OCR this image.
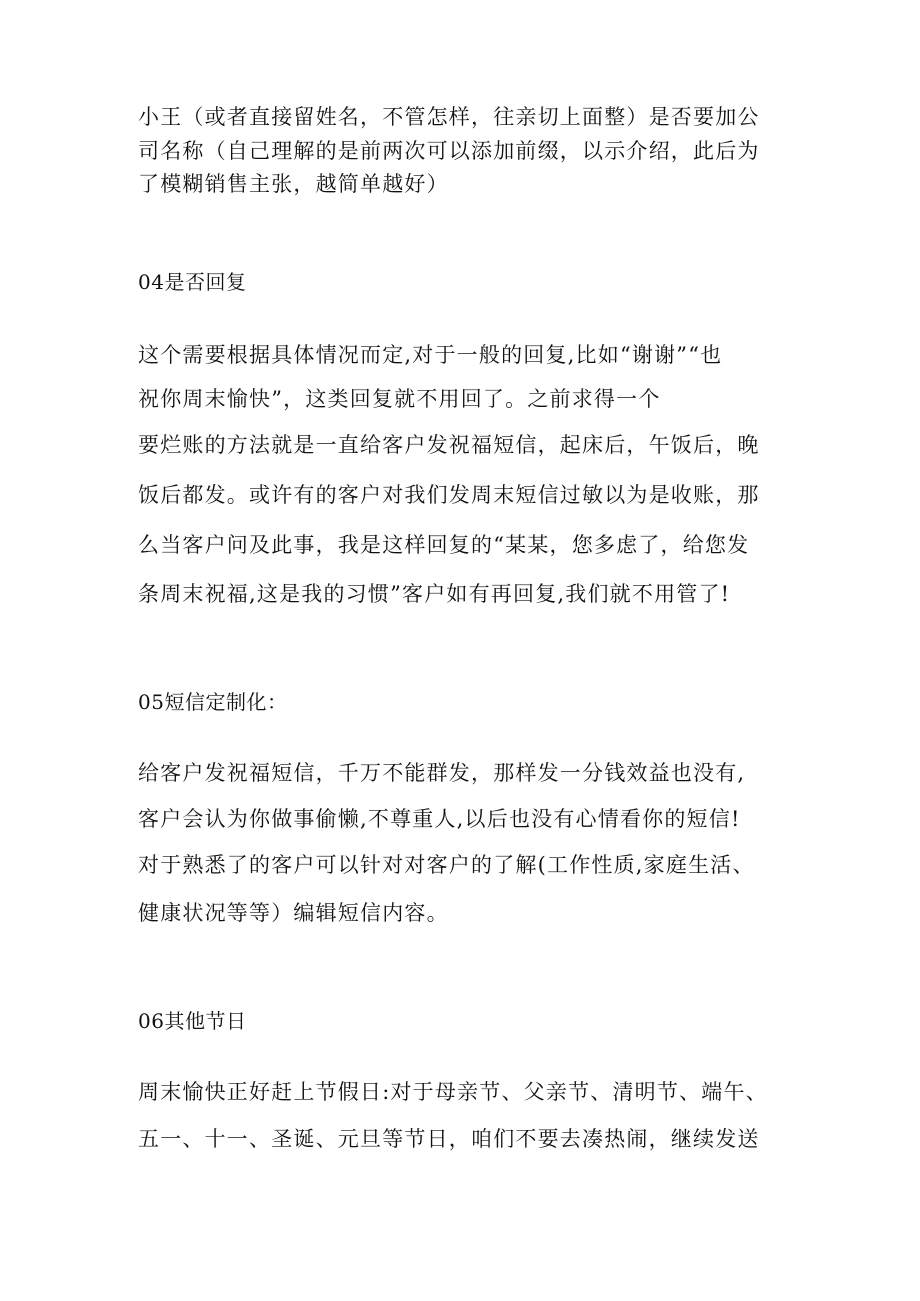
小王（或者直接留姓名，不管怎样，往亲切上面整）是否要加公
司名称（自己理解的是前两次可以添加前缀，以示介绍，此后为
了模糊销售主张，越简单越好）
04是否回复
这个需要根据具体情况而定,对于一般的回复,比如“谢谢”“也
祝你周末愉快”，这类回复就不用回了。之前求得一个
要烂账的方法就是一直给客户发祝福短信，起床后，午饭后，晚
饭后都发。或许有的客户对我们发周末短信过敏以为是收账，那
么当客户问及此事，我是这样回复的“某某，您多虑了，给您发
条周末祝福,这是我的习惯”客户如有再回复,我们就不用管了!
05短信定制化：
给客户发祝福短信，千万不能群发，那样发一分钱效益也没有,
客户会认为你做事偷懒,不尊重人,以后也没有心情看你的短信!
对于熟悉了的客户可以针对对客户的了解(工作性质,家庭生活、
健康状况等等）编辑短信内容。
06其他节日
周末愉快正好赶上节假日:对于母亲节、父亲节、清明节、端午、
五一、十一、圣诞、元旦等节日，咱们不要去凑热闹，继续发送
